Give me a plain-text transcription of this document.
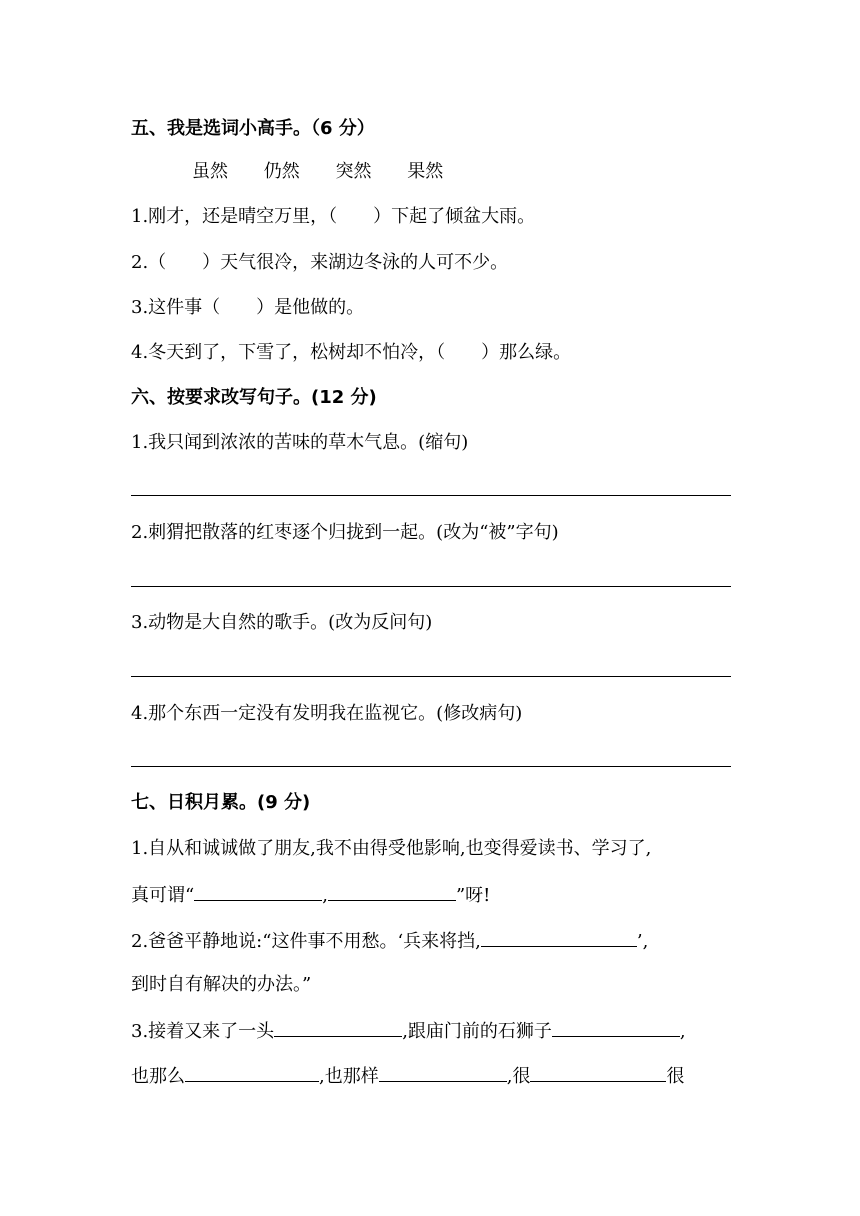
五、我是选词小高手。（6 分）
虽然 仍然 突然 果然
1.刚才，还是晴空万里，（　　）下起了倾盆大雨。
2.（　　）天气很冷，来湖边冬泳的人可不少。
3.这件事（　　）是他做的。
4.冬天到了，下雪了，松树却不怕冷，（　　）那么绿。
六、按要求改写句子。(12 分)
1.我只闻到浓浓的苦味的草木气息。(缩句)
2.刺猬把散落的红枣逐个归拢到一起。(改为“被”字句)
3.动物是大自然的歌手。(改为反问句)
4.那个东西一定没有发明我在监视它。(修改病句)
七、日积月累。(9 分)
1.自从和诚诚做了朋友,我不由得受他影响,也变得爱读书、学习了,
真可谓“	,	”呀!
2.爸爸平静地说:“这件事不用愁。‘兵来将挡,	’,
到时自有解决的办法。”
3.接着又来了一头	,跟庙门前的石狮子	,
也那么	,也那样	,很	很
